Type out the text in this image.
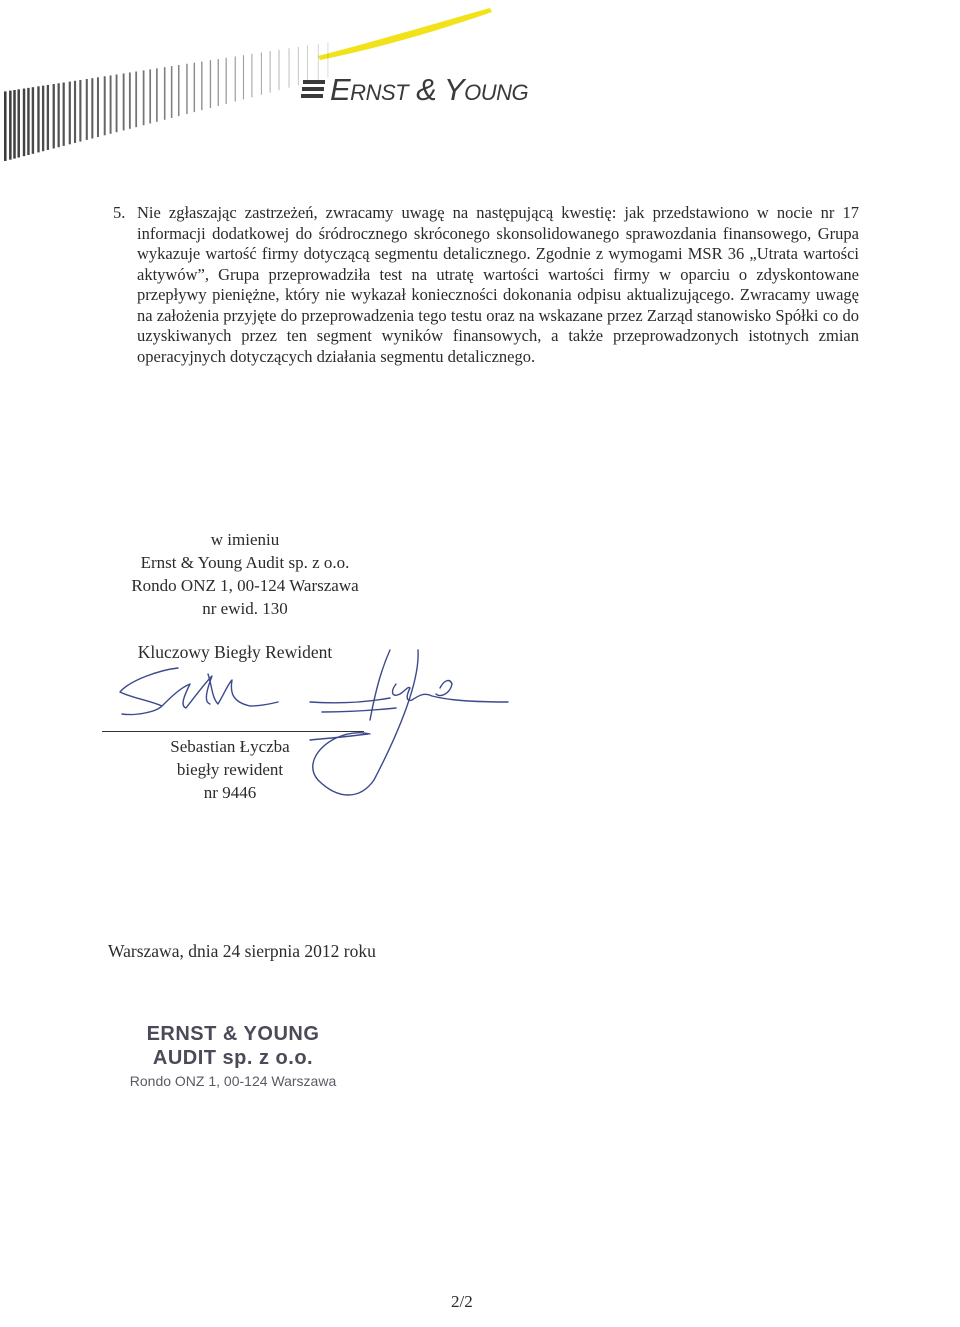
Ernst & Young
5. Nie zgłaszając zastrzeżeń, zwracamy uwagę na następującą kwestię: jak przedstawiono w nocie nr 17 informacji dodatkowej do śródrocznego skróconego skonsolidowanego sprawozdania finansowego, Grupa wykazuje wartość firmy dotyczącą segmentu detalicznego. Zgodnie z wymogami MSR 36 „Utrata wartości aktywów”, Grupa przeprowadziła test na utratę wartości wartości firmy w oparciu o zdyskontowane przepływy pieniężne, który nie wykazał konieczności dokonania odpisu aktualizującego. Zwracamy uwagę na założenia przyjęte do przeprowadzenia tego testu oraz na wskazane przez Zarząd stanowisko Spółki co do uzyskiwanych przez ten segment wyników finansowych, a także przeprowadzonych istotnych zmian operacyjnych dotyczących działania segmentu detalicznego.
w imieniu
Ernst & Young Audit sp. z o.o.
Rondo ONZ 1, 00-124 Warszawa
nr ewid. 130
Kluczowy Biegły Rewident
Sebastian Łyczba
biegły rewident
nr 9446
Warszawa, dnia 24 sierpnia 2012 roku
ERNST & YOUNG
AUDIT sp. z o.o.
Rondo ONZ 1, 00-124 Warszawa
2/2
